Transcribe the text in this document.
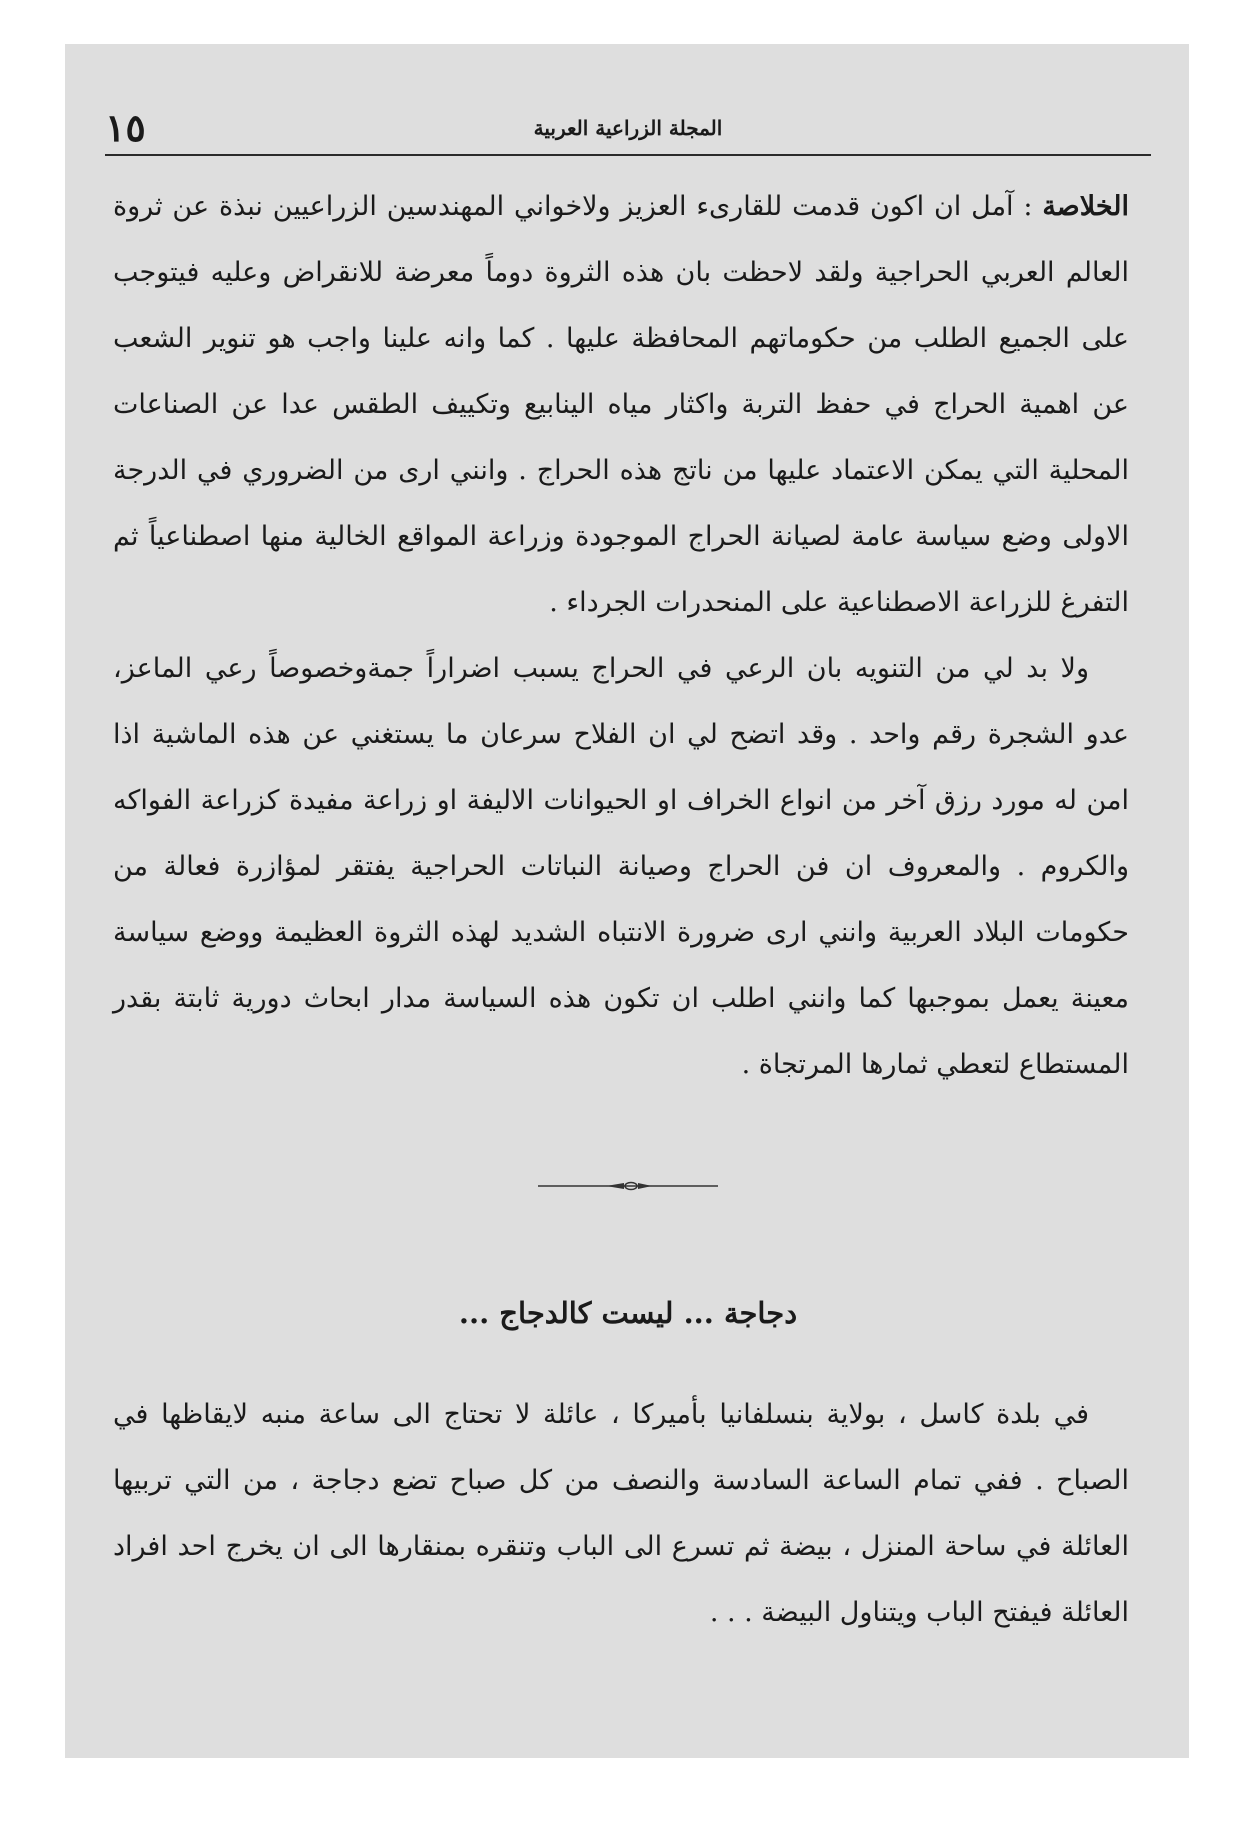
١٥	المجلة الزراعية العربية

الخلاصة : آمل ان اكون قدمت للقارىء العزيز ولاخواني المهندسين الزراعيين نبذة عن ثروة العالم العربي الحراجية ولقد لاحظت بان هذه الثروة دوماً معرضة للانقراض وعليه فيتوجب على الجميع الطلب من حكوماتهم المحافظة عليها . كما وانه علينا واجب هو تنوير الشعب عن اهمية الحراج في حفظ التربة واكثار مياه الينابيع وتكييف الطقس عدا عن الصناعات المحلية التي يمكن الاعتماد عليها من ناتج هذه الحراج . وانني ارى من الضروري في الدرجة الاولى وضع سياسة عامة لصيانة الحراج الموجودة وزراعة المواقع الخالية منها اصطناعياً ثم التفرغ للزراعة الاصطناعية على المنحدرات الجرداء .

ولا بد لي من التنويه بان الرعي في الحراج يسبب اضراراً جمةوخصوصاً رعي الماعز، عدو الشجرة رقم واحد . وقد اتضح لي ان الفلاح سرعان ما يستغني عن هذه الماشية اذا امن له مورد رزق آخر من انواع الخراف او الحيوانات الاليفة او زراعة مفيدة كزراعة الفواكه والكروم . والمعروف ان فن الحراج وصيانة النباتات الحراجية يفتقر لمؤازرة فعالة من حكومات البلاد العربية وانني ارى ضرورة الانتباه الشديد لهذه الثروة العظيمة ووضع سياسة معينة يعمل بموجبها كما وانني اطلب ان تكون هذه السياسة مدار ابحاث دورية ثابتة بقدر المستطاع لتعطي ثمارها المرتجاة .

دجاجة ... ليست كالدجاج ...

في بلدة كاسل ، بولاية بنسلفانيا بأميركا ، عائلة لا تحتاج الى ساعة منبه لايقاظها في الصباح . ففي تمام الساعة السادسة والنصف من كل صباح تضع دجاجة ، من التي تربيها العائلة في ساحة المنزل ، بيضة ثم تسرع الى الباب وتنقره بمنقارها الى ان يخرج احد افراد العائلة فيفتح الباب ويتناول البيضة . . .
